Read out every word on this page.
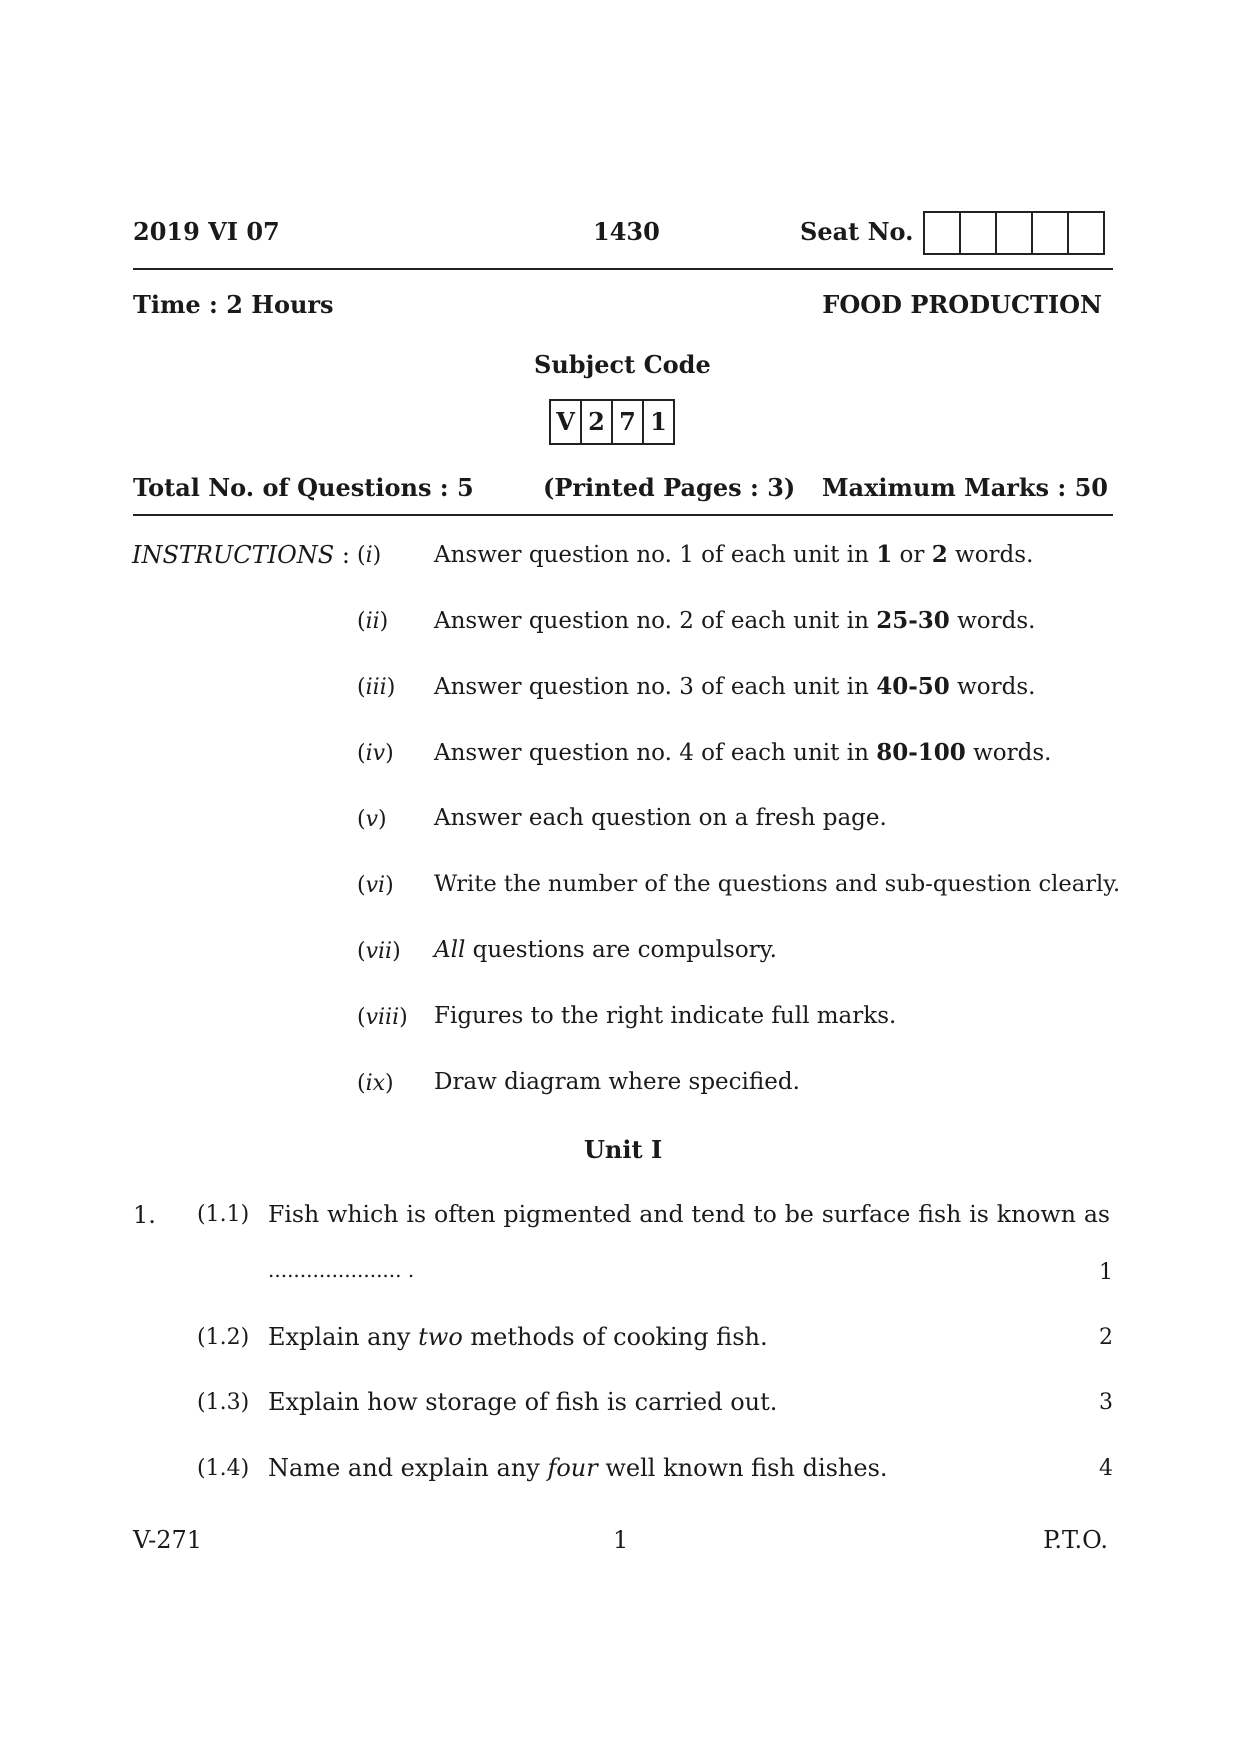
2019 VI 07	1430	Seat No.
Time : 2 Hours	FOOD PRODUCTION
Subject Code
V 2 7 1
Total No. of Questions : 5	(Printed Pages : 3) Maximum Marks : 50
INSTRUCTIONS : (i) Answer question no. 1 of each unit in 1 or 2 words.
(ii) Answer question no. 2 of each unit in 25-30 words.
(iii) Answer question no. 3 of each unit in 40-50 words.
(iv) Answer question no. 4 of each unit in 80-100 words.
(v) Answer each question on a fresh page.
(vi) Write the number of the questions and sub-question clearly.
(vii) All questions are compulsory.
(viii) Figures to the right indicate full marks.
(ix) Draw diagram where specified.
Unit I
1. (1.1) Fish which is often pigmented and tend to be surface fish is known as
..................... .	1
(1.2) Explain any two methods of cooking fish.	2
(1.3) Explain how storage of fish is carried out.	3
(1.4) Name and explain any four well known fish dishes.	4
V-271	1	P.T.O.
